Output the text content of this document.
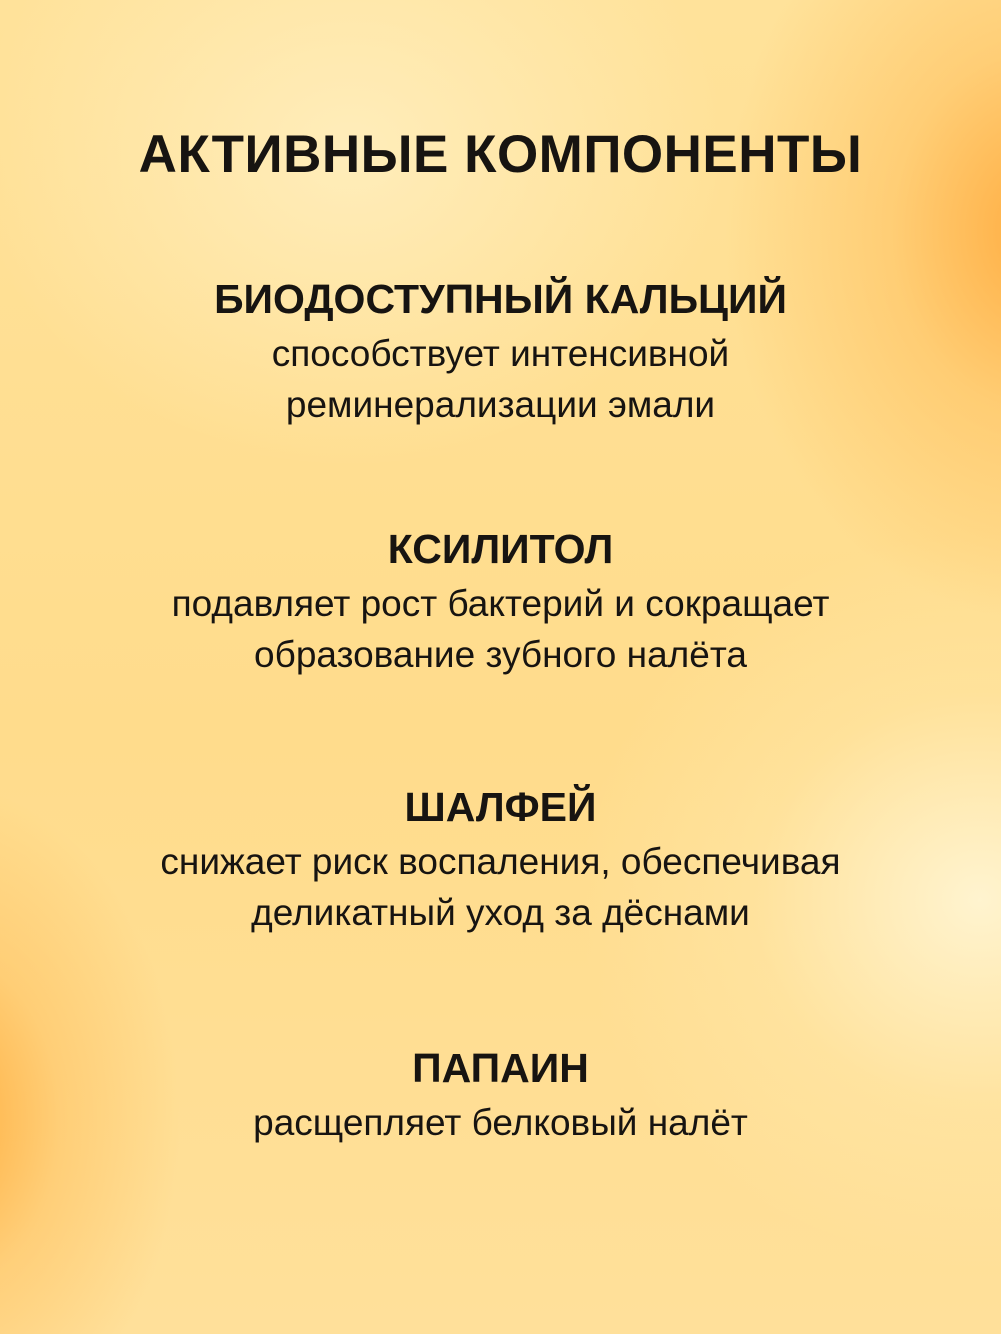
АКТИВНЫЕ КОМПОНЕНТЫ
БИОДОСТУПНЫЙ КАЛЬЦИЙ
способствует интенсивной
реминерализации эмали
КСИЛИТОЛ
подавляет рост бактерий и сокращает
образование зубного налёта
ШАЛФЕЙ
снижает риск воспаления, обеспечивая
деликатный уход за дёснами
ПАПАИН
расщепляет белковый налёт
